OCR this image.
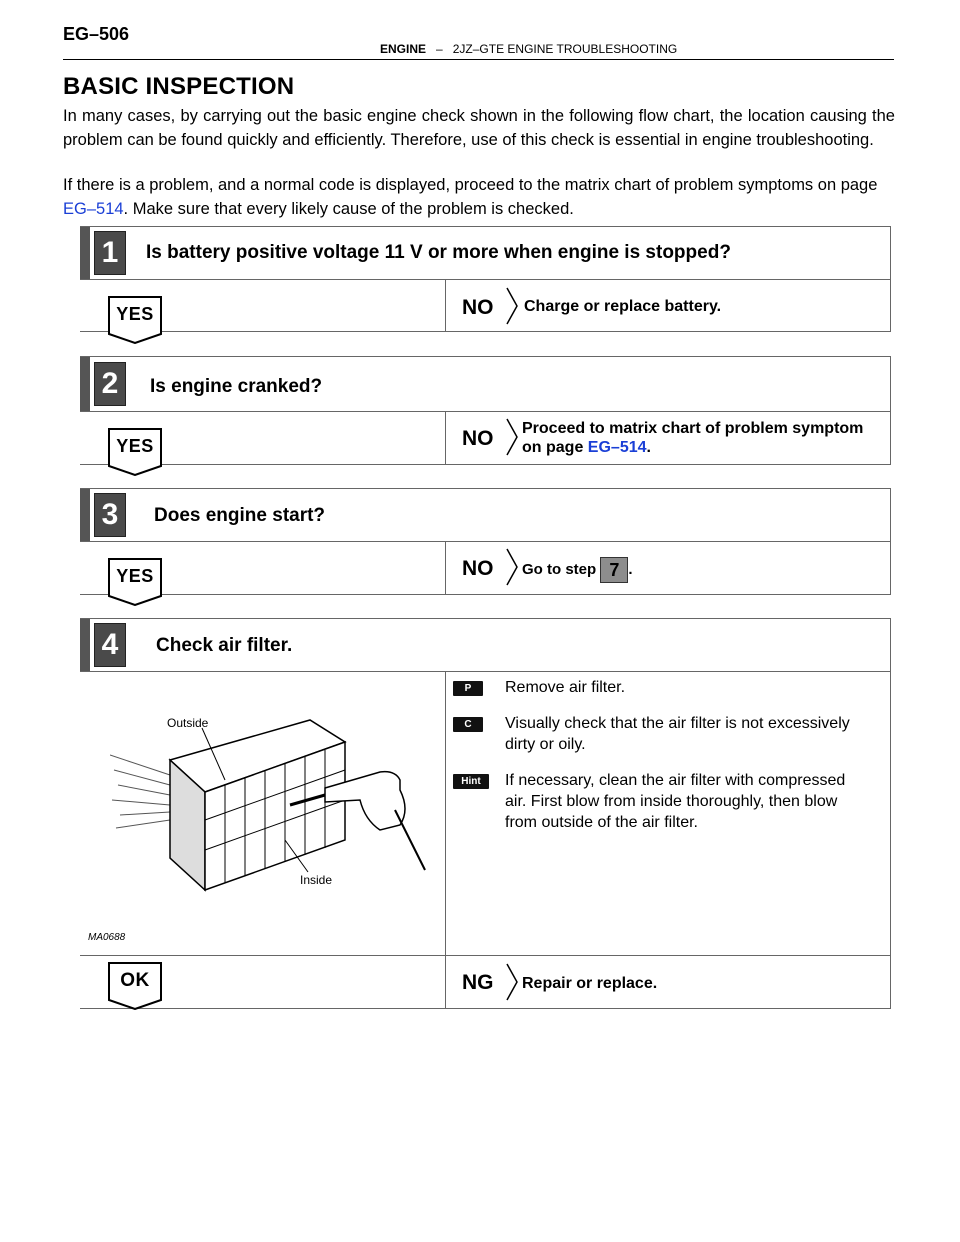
EG–506
ENGINE – 2JZ–GTE ENGINE TROUBLESHOOTING
BASIC INSPECTION
In many cases, by carrying out the basic engine check shown in the following flow chart, the location causing the problem can be found quickly and efficiently. Therefore, use of this check is essential in engine troubleshooting.
If there is a problem, and a normal code is displayed, proceed to the matrix chart of problem symptoms on page
EG–514. Make sure that every likely cause of the problem is checked.
1	Is battery positive voltage 11 V or more when engine is stopped?
YES	NO Charge or replace battery.
2	Is engine cranked?
YES	NO Proceed to matrix chart of problem symptom
on page EG–514.
3	Does engine start?
YES	NO Go to step 7 .
4	Check air filter.
Outside
Inside
MA0688
P	Remove air filter.
C	Visually check that the air filter is not excessively
dirty or oily.
Hint	If necessary, clean the air filter with compressed
air. First blow from inside thoroughly, then blow
from outside of the air filter.
OK	NG Repair or replace.
